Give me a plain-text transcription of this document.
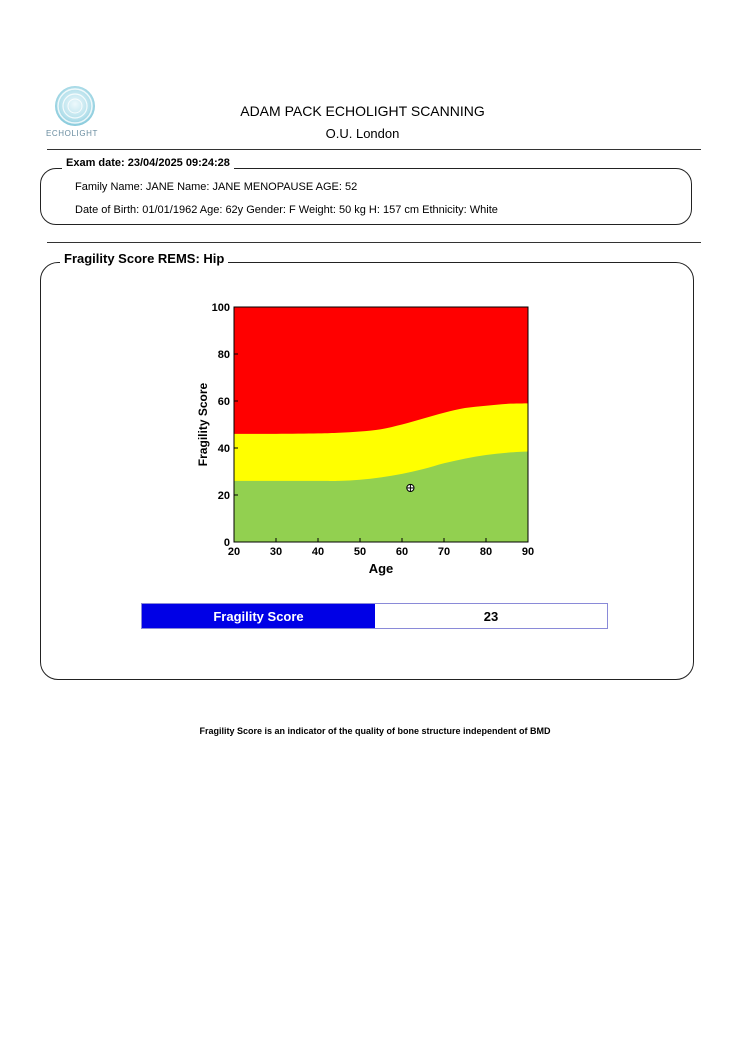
ECHOLIGHT
ADAM PACK ECHOLIGHT SCANNING
O.U. London
Exam date: 23/04/2025 09:24:28
Family Name: JANE Name: JANE MENOPAUSE AGE: 52
Date of Birth: 01/01/1962 Age: 62y Gender: F Weight: 50 kg H: 157 cm Ethnicity: White
Fragility Score REMS: Hip
20	30	40	50	60	70	80	90
0
20
40
60
80
100
Age
Fragility Score
Fragility Score	23
Fragility Score is an indicator of the quality of bone structure independent of BMD
